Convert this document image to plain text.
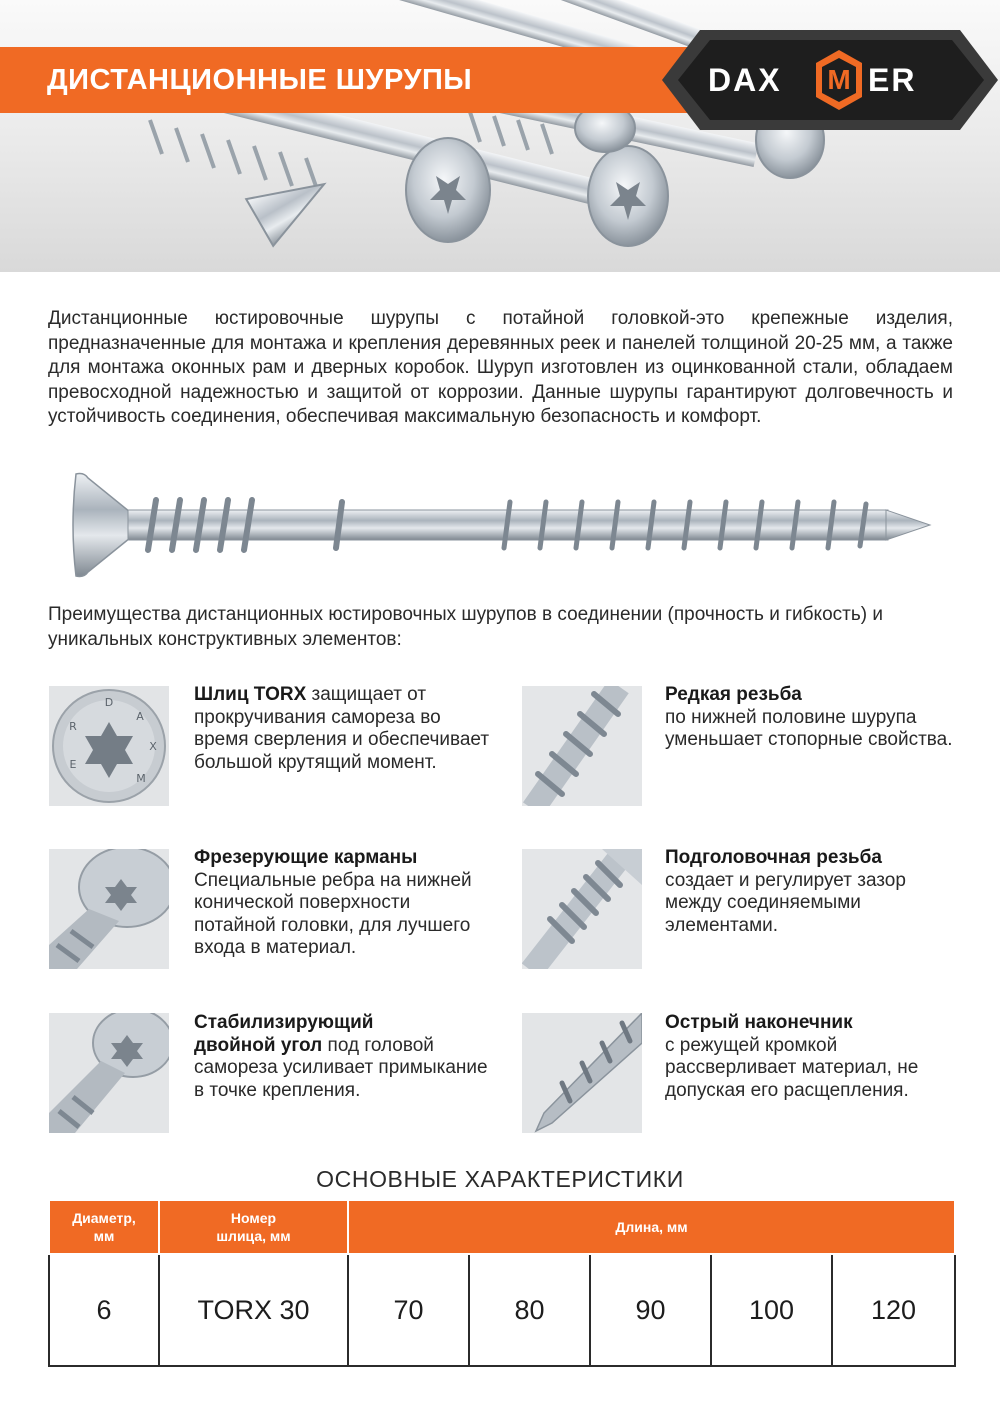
ДИСТАНЦИОННЫЕ ШУРУПЫ	DAX M ER
Дистанционные юстировочные шурупы с потайной головкой-это крепежные изделия, предназначенные для монтажа и крепления деревянных реек и панелей толщиной 20-25 мм, а также для монтажа оконных рам и дверных коробок. Шуруп изготовлен из оцинкованной стали, обладаем превосходной надежностью и защитой от коррозии. Данные шурупы гарантируют долговечность и устойчивость соединения, обеспечивая максимальную безопасность и комфорт.
Преимущества дистанционных юстировочных шурупов в соединении (прочность и гибкость) и уникальных конструктивных элементов:
D
A
X
M
E
R
Шлиц TORX защищает от прокручивания самореза во время сверления и обеспечивает большой крутящий момент.
Редкая резьба
по нижней половине шурупа уменьшает стопорные свойства.
Фрезерующие карманы
Специальные ребра на нижней конической поверхности потайной головки, для лучшего входа в материал.
Подголовочная резьба
создает и регулирует зазор между соединяемыми элементами.
Стабилизирующий
двойной угол под головой самореза усиливает примыкание в точке крепления.
Острый наконечник
с режущей кромкой рассверливает материал, не допуская его расщепления.
ОСНОВНЫЕ ХАРАКТЕРИСТИКИ
Диаметр,
мм	Номер
шлица, мм	Длина, мм				
6	TORX 30	70	80	90	100	120
